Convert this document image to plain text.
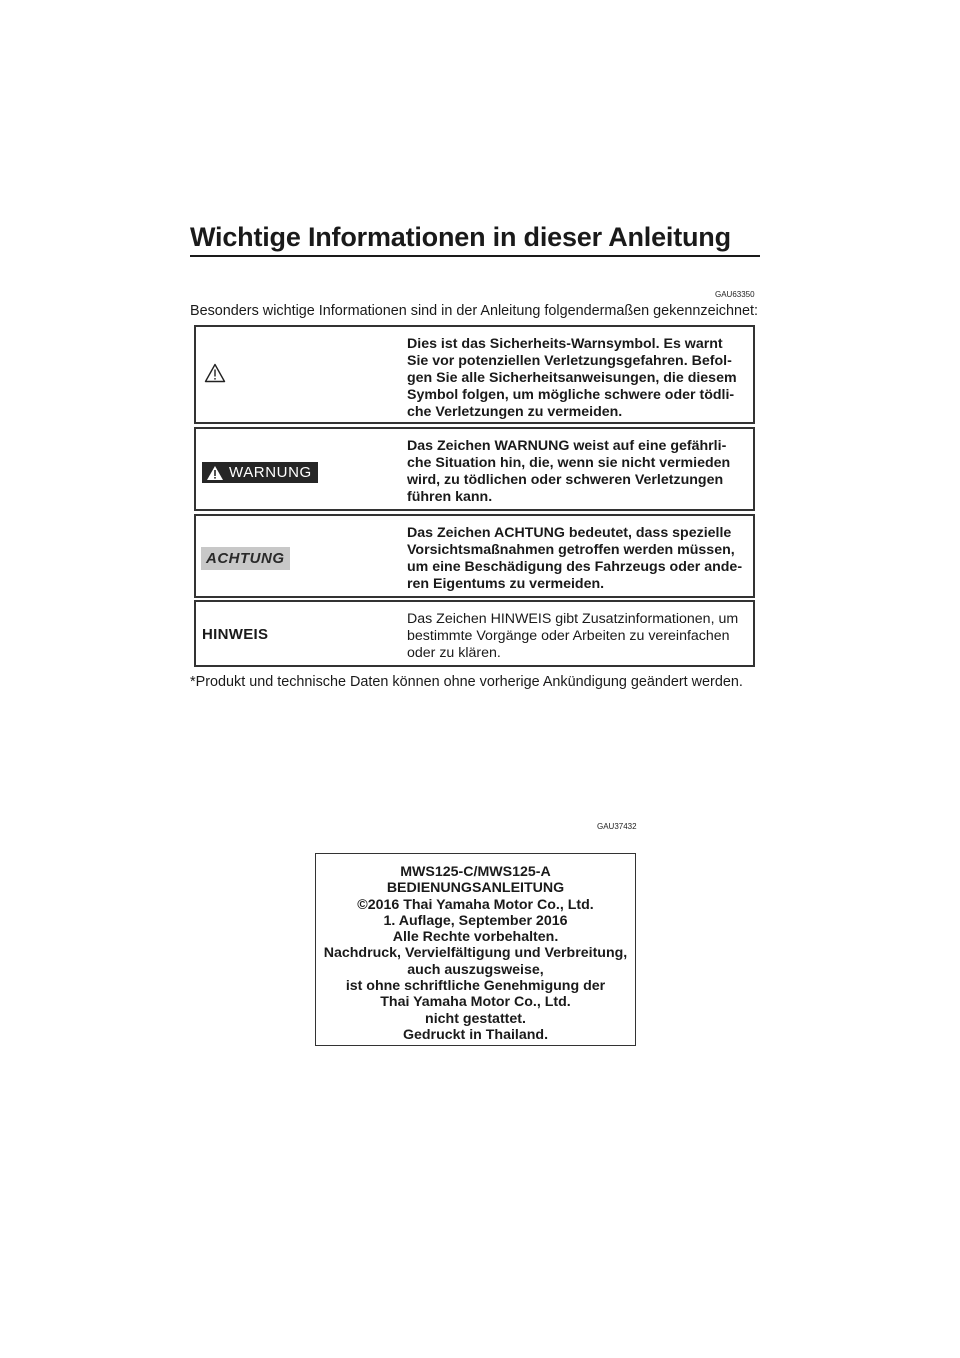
Wichtige Informationen in dieser Anleitung
GAU63350
Besonders wichtige Informationen sind in der Anleitung folgendermaßen gekennzeichnet:
Dies ist das Sicherheits-Warnsymbol. Es warnt Sie vor potenziellen Verletzungsgefahren. Befolgen Sie alle Sicherheitsanweisungen, die diesem Symbol folgen, um mögliche schwere oder tödliche Verletzungen zu vermeiden.
WARNUNG
Das Zeichen WARNUNG weist auf eine gefährliche Situation hin, die, wenn sie nicht vermieden wird, zu tödlichen oder schweren Verletzungen führen kann.
ACHTUNG
Das Zeichen ACHTUNG bedeutet, dass spezielle Vorsichtsmaßnahmen getroffen werden müssen, um eine Beschädigung des Fahrzeugs oder anderen Eigentums zu vermeiden.
HINWEIS
Das Zeichen HINWEIS gibt Zusatzinformationen, um bestimmte Vorgänge oder Arbeiten zu vereinfachen oder zu klären.
*Produkt und technische Daten können ohne vorherige Ankündigung geändert werden.
GAU37432
MWS125-C/MWS125-A
BEDIENUNGSANLEITUNG
©2016 Thai Yamaha Motor Co., Ltd.
1. Auflage, September 2016
Alle Rechte vorbehalten.
Nachdruck, Vervielfältigung und Verbreitung,
auch auszugsweise,
ist ohne schriftliche Genehmigung der
Thai Yamaha Motor Co., Ltd.
nicht gestattet.
Gedruckt in Thailand.
